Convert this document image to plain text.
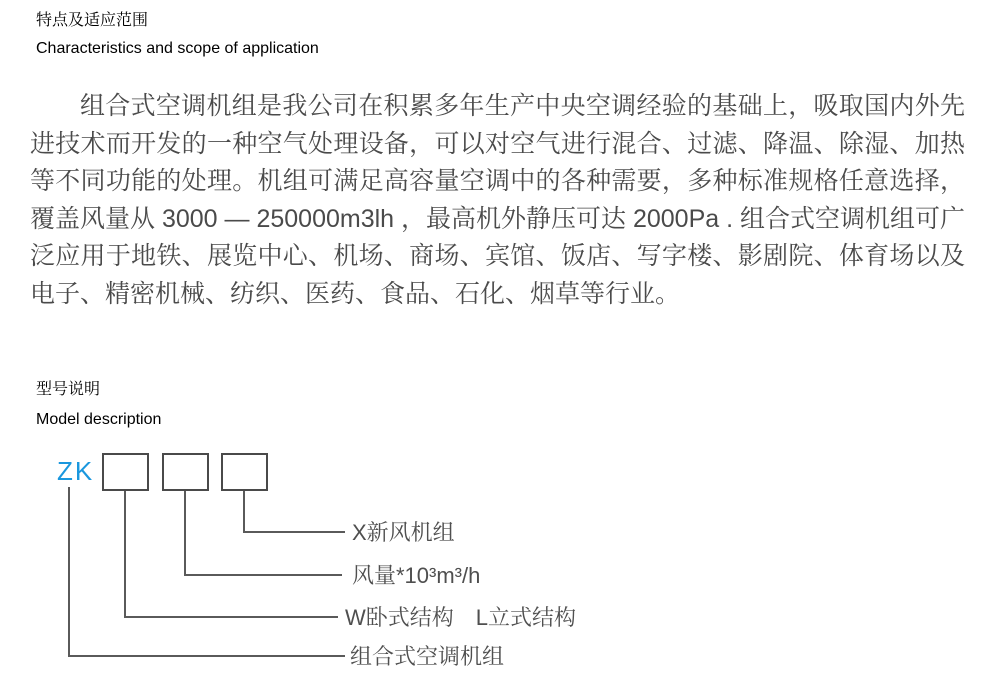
特点及适应范围
Characteristics and scope of application

组合式空调机组是我公司在积累多年生产中央空调经验的基础上，吸取国内外先进技术而开发的一种空气处理设备，可以对空气进行混合、过滤、降温、除湿、加热等不同功能的处理。机组可满足高容量空调中的各种需要，多种标准规格任意选择，覆盖风量从 3000 — 250000m3lh ，最高机外静压可达 2000Pa . 组合式空调机组可广泛应用于地铁、展览中心、机场、商场、宾馆、饭店、写字楼、影剧院、体育场以及电子、精密机械、纺织、医药、食品、石化、烟草等行业。

型号说明
Model description
ZK
X新风机组
风量*10³m³/h
W卧式结构　L立式结构
组合式空调机组
